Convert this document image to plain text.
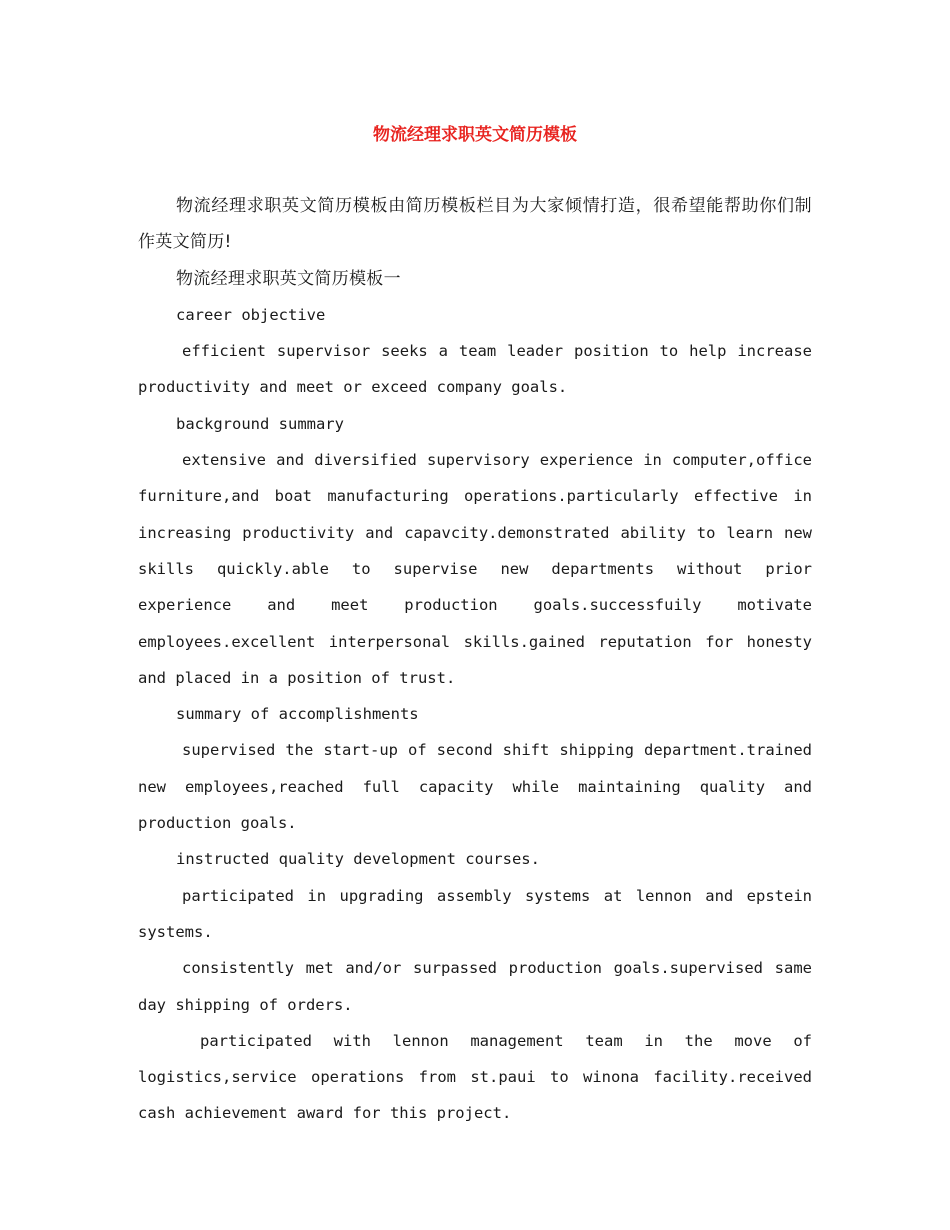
物流经理求职英文简历模板

物流经理求职英文简历模板由简历模板栏目为大家倾情打造，很希望能帮助你们制作英文简历!

物流经理求职英文简历模板一

career objective

efficient supervisor seeks a team leader position to help increase productivity and meet or exceed company goals.

background summary

extensive and diversified supervisory experience in computer,office furniture,and boat manufacturing operations.particularly effective in increasing productivity and capavcity.demonstrated ability to learn new skills quickly.able to supervise new departments without prior experience and meet production goals.successfuily motivate employees.excellent interpersonal skills.gained reputation for honesty and placed in a position of trust.

summary of accomplishments

supervised the start-up of second shift shipping department.trained new employees,reached full capacity while maintaining quality and production goals.

instructed quality development courses.

participated in upgrading assembly systems at lennon and epstein systems.

consistently met and/or surpassed production goals.supervised same day shipping of orders.

participated with lennon management team in the move of logistics,service operations from st.paui to winona facility.received cash achievement award for this project.
